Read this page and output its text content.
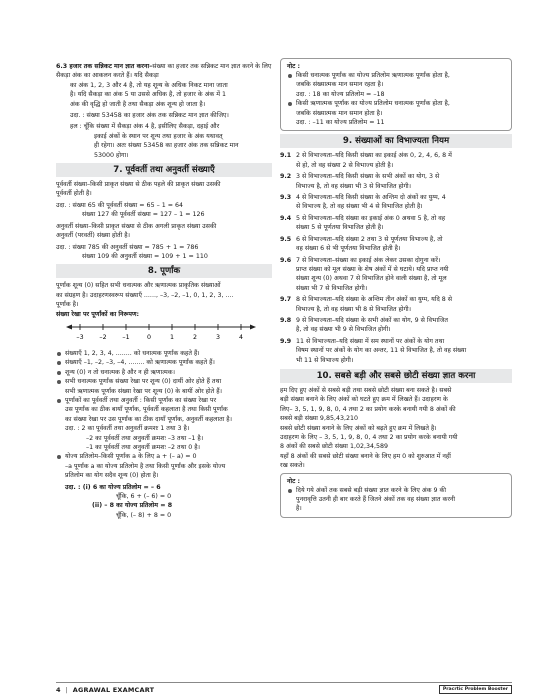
6.3 हजार तक सन्निकट मान ज्ञात करना–संख्या का हजार तक सन्निकट मान ज्ञात करने के लिए सैकड़ा अंक का आकलन करते हैं। यदि सैकड़ा

का अंक 1, 2, 3 और 4 है, तो यह शून्य के अधिक निकट माना जाता

है। यदि सैकड़ा का अंक 5 या उससे अधिक है, तो हजार के अंक में 1

अंक की वृद्धि हो जाती है तथा सैकड़ा अंक शून्य हो जाता है।

उदा. : संख्या 53458 का हजार अंक तक सन्निकट मान ज्ञात कीजिए।

हल : चूँकि संख्या में सैकड़ा अंक 4 है, इसीलिए सैकड़ा, दहाई और

इकाई अंकों के स्थान पर शून्य तथा हजार के अंक यथावत्

ही रहेगा। अतः संख्या 53458 का हजार अंक तक सन्निकट मान

53000 होगा।

7. पूर्ववर्ती तथा अनुवर्ती संख्याएँ

पूर्ववर्ती संख्या–किसी प्राकृत संख्या से ठीक पहले की प्राकृत संख्या उसकी

पूर्ववर्ती होती है।

उदा. : संख्या 65 की पूर्ववर्ती संख्या = 65 – 1 = 64

संख्या 127 की पूर्ववर्ती संख्या = 127 – 1 = 126

अनुवर्ती संख्या–किसी प्राकृत संख्या से ठीक अगली प्राकृत संख्या उसकी

अनुवर्ती (परवर्ती) संख्या होती है।

उदा. : संख्या 785 की अनुवर्ती संख्या = 785 + 1 = 786

संख्या 109 की अनुवर्ती संख्या = 109 + 1 = 110

8. पूर्णांक

पूर्णांक शून्य (0) सहित सभी धनात्मक और ऋणात्मक प्राकृतिक संख्याओं

का संग्रहण है। उदाहरणस्वरूप संख्याएँ ......, –3, –2, –1, 0, 1, 2, 3, ....

पूर्णांक है।

संख्या रेखा पर पूर्णांकों का निरूपण:

–3	–2	–1	0	1	2	3	4

संख्याएँ 1, 2, 3, 4, ........ को धनात्मक पूर्णांक कहते हैं।

संख्याएँ –1, –2, –3, –4, ........ को ऋणात्मक पूर्णांक कहते हैं।

शून्य (0) न तो धनात्मक है और न ही ऋणात्मक।

सभी धनात्मक पूर्णांक संख्या रेखा पर शून्य (0) दायीं ओर होते हैं तथा

सभी ऋणात्मक पूर्णांक संख्या रेखा पर शून्य (0) के बायीं ओर होते हैं।

पूर्णांकों का पूर्ववर्ती तथा अनुवर्ती : किसी पूर्णांक का संख्या रेखा पर

उस पूर्णांक का ठीक बायाँ पूर्णांक, पूर्ववर्ती कहलाता है तथा किसी पूर्णांक

का संख्या रेखा पर उस पूर्णांक का ठीक दायाँ पूर्णांक, अनुवर्ती कहलाता है।

उदा. : 2 का पूर्ववर्ती तथा अनुवर्ती क्रमशः 1 तथा 3 है।

–2 का पूर्ववर्ती तथा अनुवर्ती क्रमशः –3 तथा –1 है।

–1 का पूर्ववर्ती तथा अनुवर्ती क्रमशः –2 तथा 0 है।

योज्य प्रतिलोम–किसी पूर्णांक a के लिए a + (– a) = 0

–a पूर्णांक a का योज्य प्रतिलोम है तथा किसी पूर्णांक और इसके योज्य

प्रतिलोम का योग सदैव शून्य (0) होता है।

उदा. : (i) 6 का योज्य प्रतिलोम = – 6

चूँकि, 6 + (– 6) = 0

(ii) – 8 का योज्य प्रतिलोम = 8

चूँकि, (– 8) + 8 = 0

नोट :

किसी धनात्मक पूर्णांक का योज्य प्रतिलोम ऋणात्मक पूर्णांक होता है,

जबकि संख्यात्मक मान समान रहता है।

उदा. : 18 का योज्य प्रतिलोम = –18

किसी ऋणात्मक पूर्णांक का योज्य प्रतिलोम धनात्मक पूर्णांक होता है,

जबकि संख्यात्मक मान समान होता है।

उदा. : –11 का योज्य प्रतिलोम = 11

9. संख्याओं का विभाज्यता नियम
9.1 2 से विभाज्यता–यदि किसी संख्या का इकाई अंक 0, 2, 4, 6, 8 में
से हो, तो वह संख्या 2 से विभाज्य होती है।
9.2 3 से विभाज्यता–यदि किसी संख्या के सभी अंकों का योग, 3 से
विभाज्य है, तो वह संख्या भी 3 से विभाजित होगी।
9.3 4 से विभाज्यता–यदि किसी संख्या के अन्तिम दो अंकों का युग्म, 4
से विभाज्य है, तो वह संख्या भी 4 से विभाजित होती है।
9.4 5 से विभाज्यता–यदि संख्या का इकाई अंक 0 अथवा 5 है, तो वह
संख्या 5 से पूर्णतया विभाजित होती है।
9.5 6 से विभाज्यता–यदि संख्या 2 तथा 3 से पूर्णतया विभाज्य है, तो
वह संख्या 6 से भी पूर्णतया विभाजित होती है।
9.6 7 से विभाज्यता–संख्या का इकाई अंक लेकर उसका दोगुना करें।
प्राप्त संख्या को मूल संख्या के शेष अंकों में से घटाये। यदि प्राप्त नयी
संख्या शून्य (0) अथवा 7 से विभाजित होने वाली संख्या है, तो मूल
संख्या भी 7 से विभाजित होगी।
9.7 8 से विभाज्यता–यदि संख्या के अन्तिम तीन अंकों का युग्म, यदि 8 से
विभाज्य है, तो वह संख्या भी 8 से विभाजित होगी।
9.8 9 से विभाज्यता–यदि संख्या के सभी अंकों का योग, 9 से विभाजित
है, तो वह संख्या भी 9 से विभाजित होगी।
9.9 11 से विभाज्यता–यदि संख्या में सम स्थानों पर अंकों के योग तथा
विषम स्थानों पर अंकों के योग का अन्तर, 11 से विभाजित है, तो वह संख्या
भी 11 से विभाज्य होगी।
10. सबसे बड़ी और सबसे छोटी संख्या ज्ञात करना

हम दिए हुए अंकों से सबसे बड़ी तथा सबसे छोटी संख्या बना सकते है। सबसे

बड़ी संख्या बनाने के लिए अंकों को घटते हुए क्रम में लिखते हैं। उदाहरण के

लिए– 3, 5, 1, 9, 8, 0, 4 तथा 2 का प्रयोग करके बनायी गयी 8 अंकों की

सबसे बड़ी संख्या 9,85,43,210

सबसे छोटी संख्या बनाने के लिए अंकों को बढ़ते हुए क्रम में लिखते है।

उदाहरण के लिए – 3, 5, 1, 9, 8, 0, 4 तथा 2 का प्रयोग करके बनायी गयी

8 अंकों की सबसे छोटी संख्या 1,02,34,589

यहाँ 8 अंकों की सबसे छोटी संख्या बनाने के लिए हम 0 को शुरुआत में नहीं

रख सकते।

नोट :

दिये गये अंकों तक सबसे बड़ी संख्या ज्ञात करने के लिए अंक 9 की

पुनरावृत्ति उतनी ही बार करते हैं जितने अंकों तक वह संख्या ज्ञात करनी

है।

4 | AGRAWAL EXAMCART	Pracrtic Problem Booster
